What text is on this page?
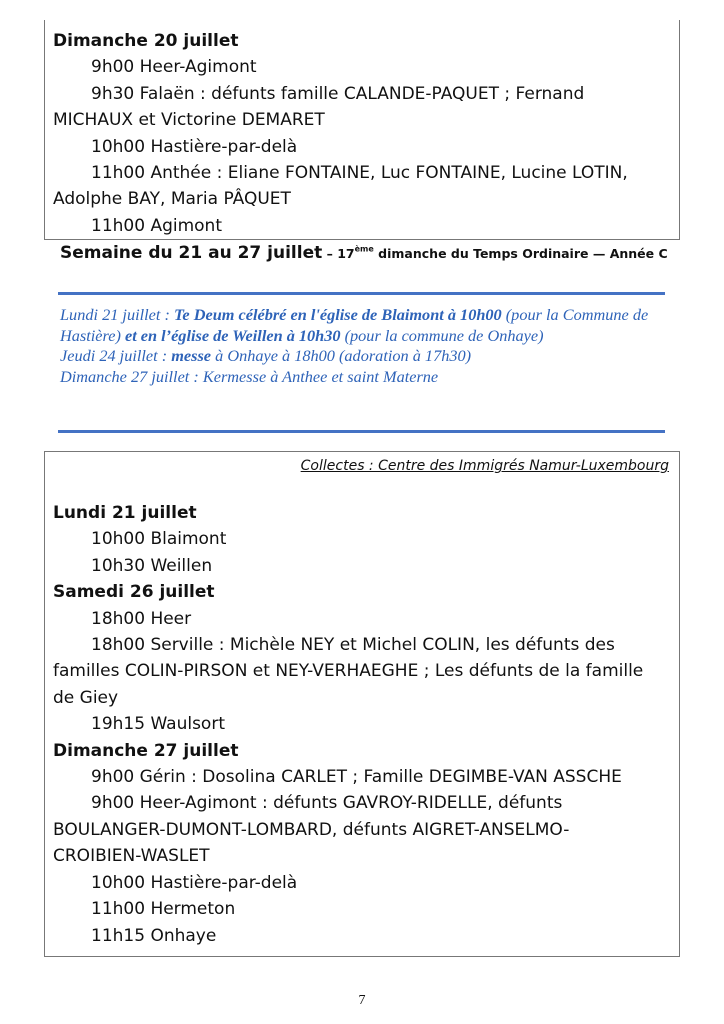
Dimanche 20 juillet
9h00 Heer-Agimont
9h30 Falaën : défunts famille CALANDE-PAQUET ; Fernand
MICHAUX et Victorine DEMARET
10h00 Hastière-par-delà
11h00 Anthée : Eliane FONTAINE, Luc FONTAINE, Lucine LOTIN,
Adolphe BAY, Maria PÂQUET
11h00 Agimont
Semaine du 21 au 27 juillet – 17ème dimanche du Temps Ordinaire — Année C
Lundi 21 juillet : Te Deum célébré en l'église de Blaimont à 10h00 (pour la Commune de Hastière) et en l’église de Weillen à 10h30 (pour la commune de Onhaye)
Jeudi 24 juillet : messe à Onhaye à 18h00 (adoration à 17h30)
Dimanche 27 juillet : Kermesse à Anthee et saint Materne
Collectes : Centre des Immigrés Namur-Luxembourg
Lundi 21 juillet
10h00 Blaimont
10h30 Weillen
Samedi 26 juillet
18h00 Heer
18h00 Serville : Michèle NEY et Michel COLIN, les défunts des
familles COLIN-PIRSON et NEY-VERHAEGHE ; Les défunts de la famille
de Giey
19h15 Waulsort
Dimanche 27 juillet
9h00 Gérin : Dosolina CARLET ; Famille DEGIMBE-VAN ASSCHE
9h00 Heer-Agimont : défunts GAVROY-RIDELLE, défunts
BOULANGER-DUMONT-LOMBARD, défunts AIGRET-ANSELMO-
CROIBIEN-WASLET
10h00 Hastière-par-delà
11h00 Hermeton
11h15 Onhaye
7
